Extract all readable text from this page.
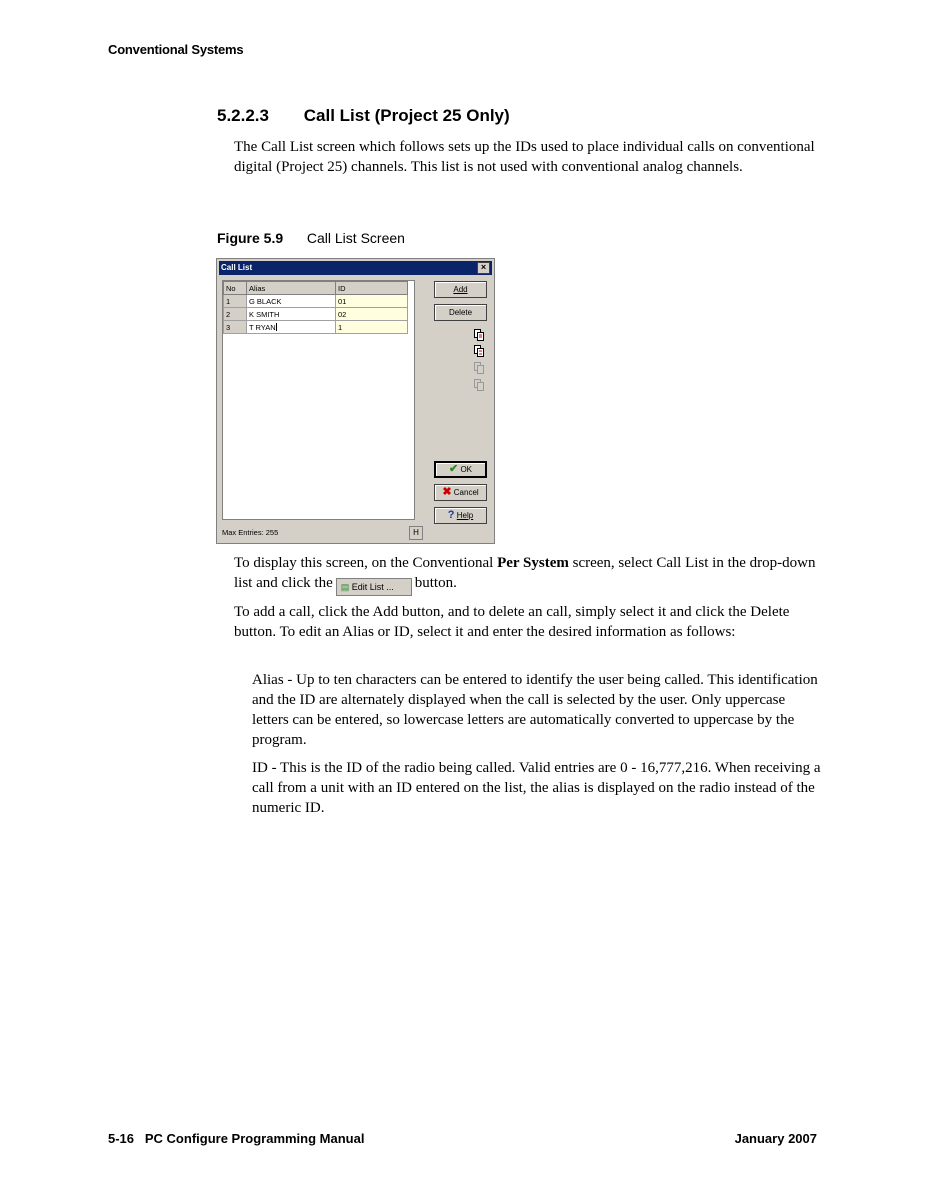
Conventional Systems
5.2.2.3 Call List (Project 25 Only)
The Call List screen which follows sets up the IDs used to place individual calls on conventional digital (Project 25) channels. This list is not used with conventional analog channels.
Figure 5.9 Call List Screen
Call List	×
No	Alias	ID
1	G BLACK	01
2	K SMITH	02
3	T RYAN	1
Add
Delete
✔ OK
✖ Cancel
? Help
Max Entries: 255	H
To display this screen, on the Conventional Per System screen, select Call List in the drop-down list and click the ▤ Edit List ... button.
To add a call, click the Add button, and to delete an call, simply select it and click the Delete button. To edit an Alias or ID, select it and enter the desired information as follows:
Alias - Up to ten characters can be entered to identify the user being called. This identification and the ID are alternately displayed when the call is selected by the user. Only uppercase letters can be entered, so lowercase letters are automatically converted to uppercase by the program.
ID - This is the ID of the radio being called. Valid entries are 0 - 16,777,216. When receiving a call from a unit with an ID entered on the list, the alias is displayed on the radio instead of the numeric ID.
5-16 PC Configure Programming Manual	January 2007
